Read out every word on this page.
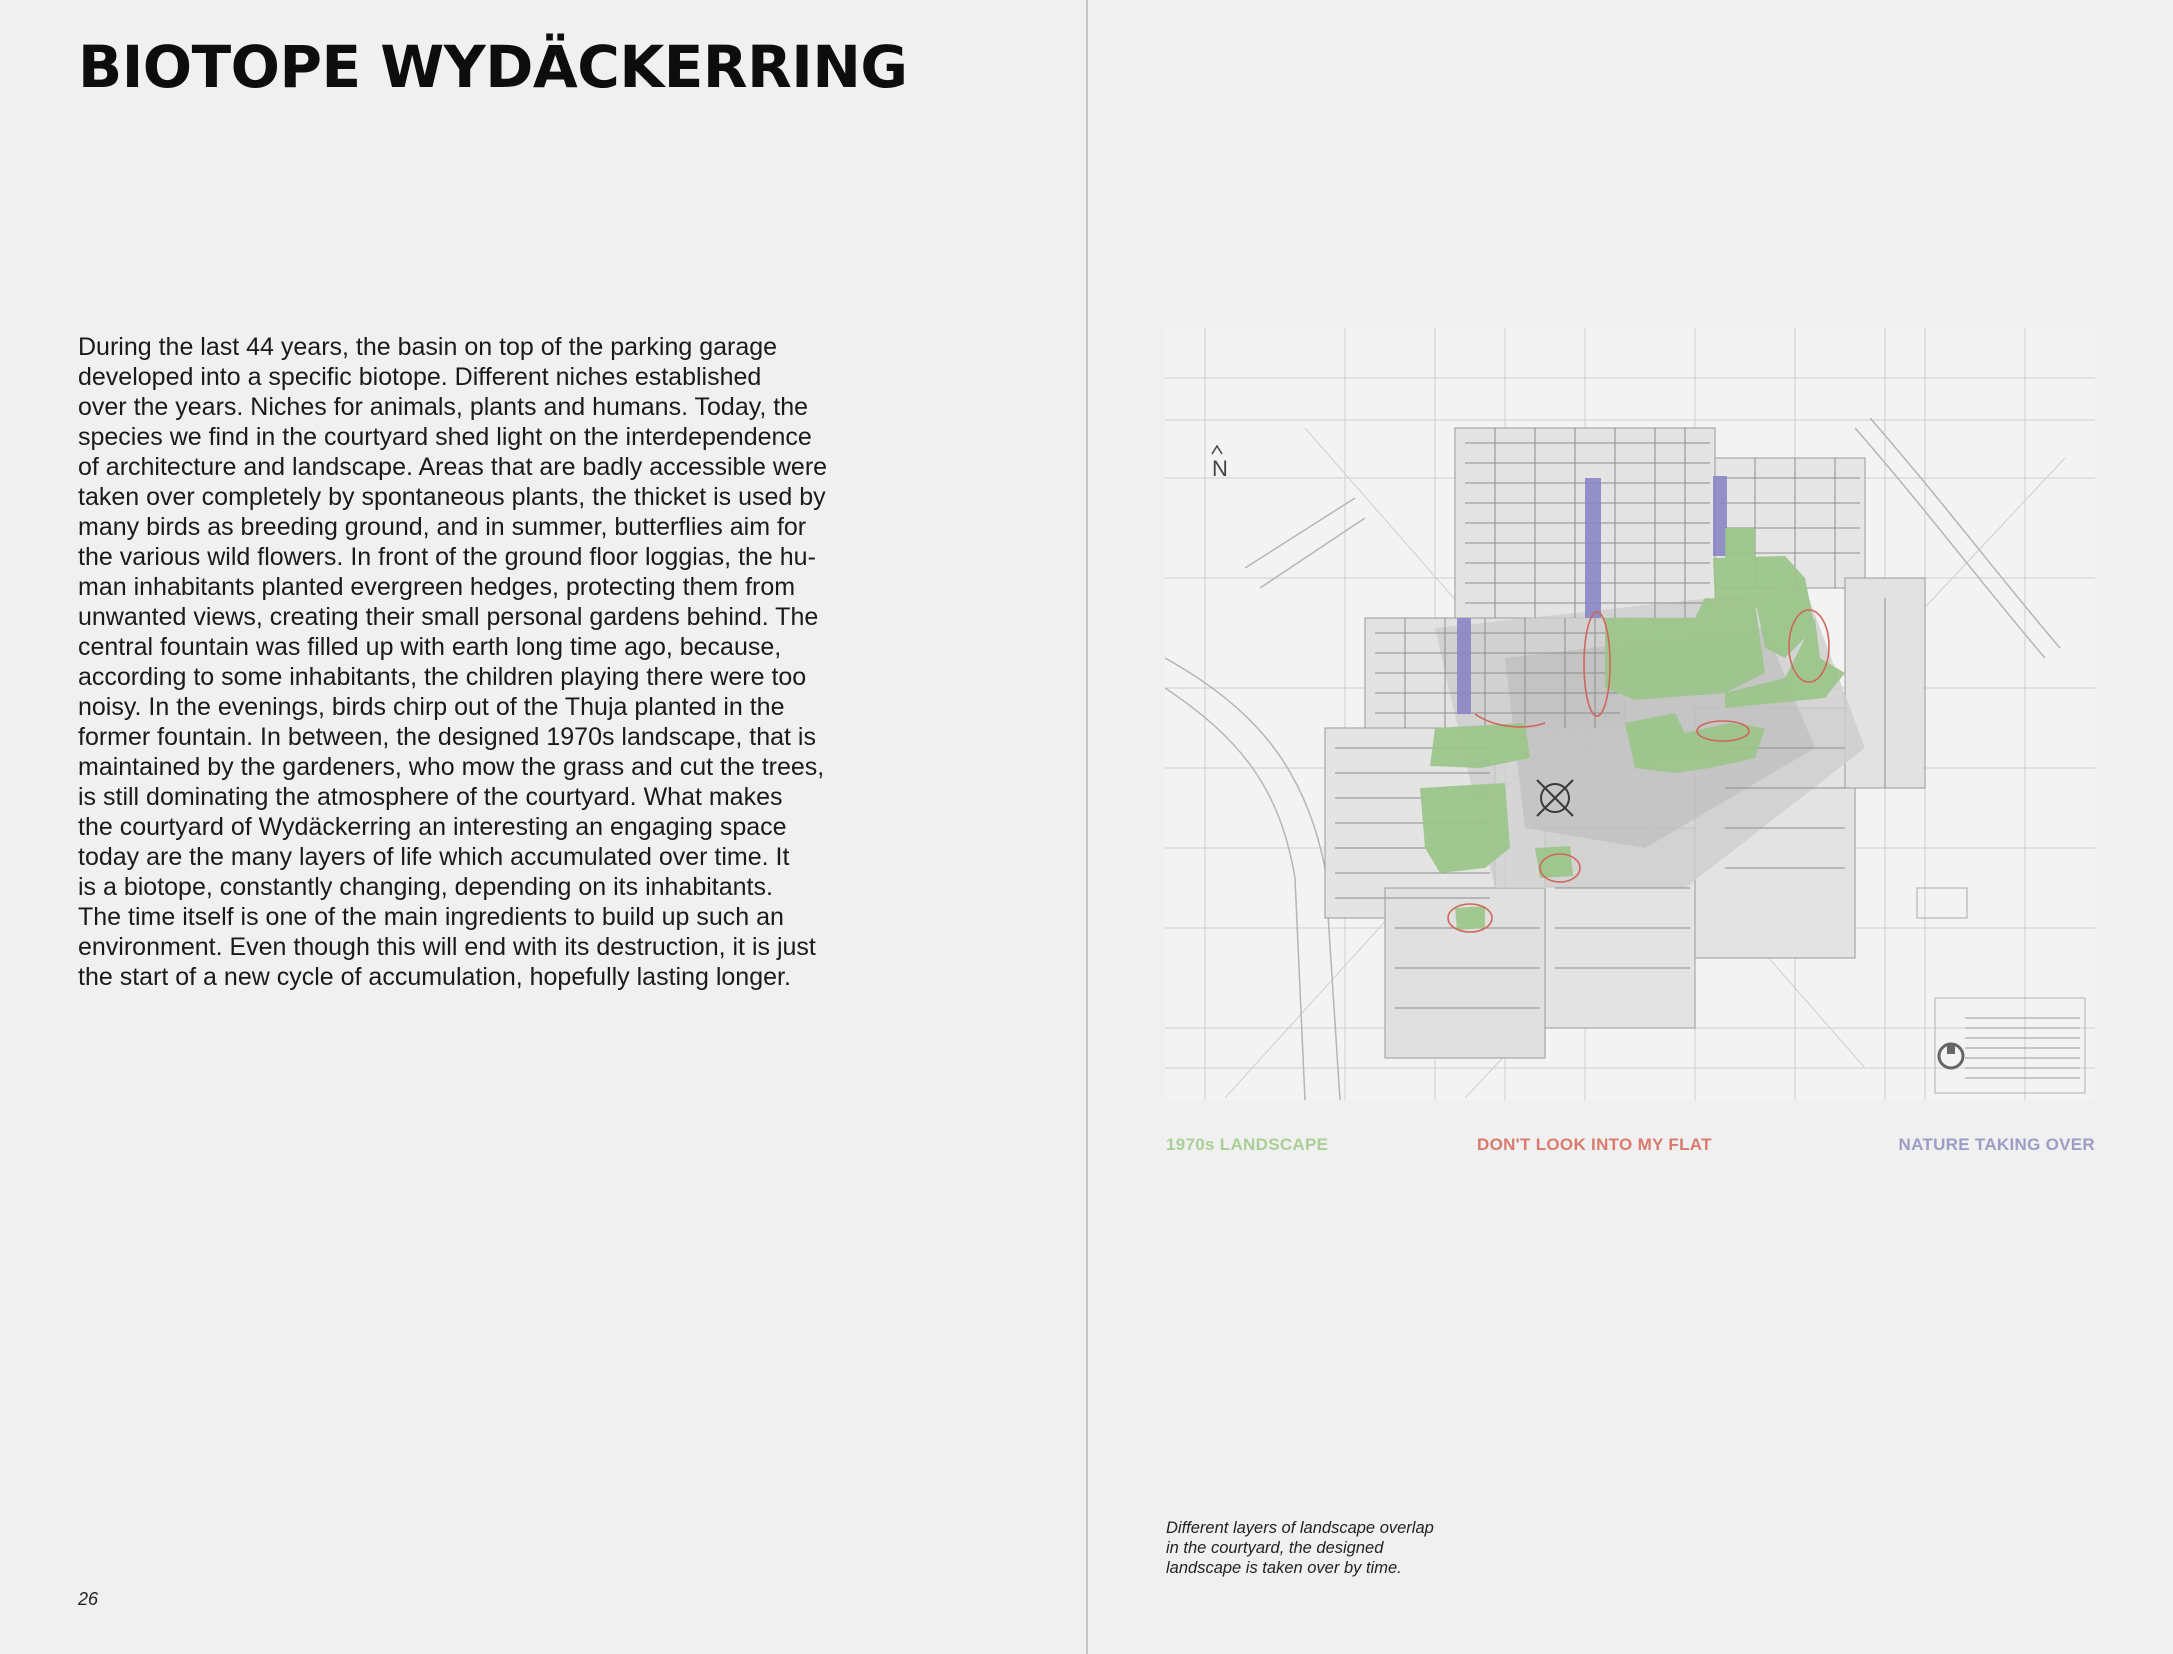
BIOTOPE WYDÄCKERRING

During the last 44 years, the basin on top of the parking garage
developed into a specific biotope. Different niches established
over the years. Niches for animals, plants and humans. Today, the
species we find in the courtyard shed light on the interdependence
of architecture and landscape. Areas that are badly accessible were
taken over completely by spontaneous plants, the thicket is used by
many birds as breeding ground, and in summer, butterflies aim for
the various wild flowers. In front of the ground floor loggias, the hu-
man inhabitants planted evergreen hedges, protecting them from
unwanted views, creating their small personal gardens behind. The
central fountain was filled up with earth long time ago, because,
according to some inhabitants, the children playing there were too
noisy. In the evenings, birds chirp out of the Thuja planted in the
former fountain. In between, the designed 1970s landscape, that is
maintained by the gardeners, who mow the grass and cut the trees,
is still dominating the atmosphere of the courtyard. What makes
the courtyard of Wydäckerring an interesting an engaging space
today are the many layers of life which accumulated over time. It
is a biotope, constantly changing, depending on its inhabitants.
The time itself is one of the main ingredients to build up such an
environment. Even though this will end with its destruction, it is just
the start of a new cycle of accumulation, hopefully lasting longer.

26
N
1970s LANDSCAPE	DON'T LOOK INTO MY FLAT	NATURE TAKING OVER

Different layers of landscape overlap
in the courtyard, the designed
landscape is taken over by time.
